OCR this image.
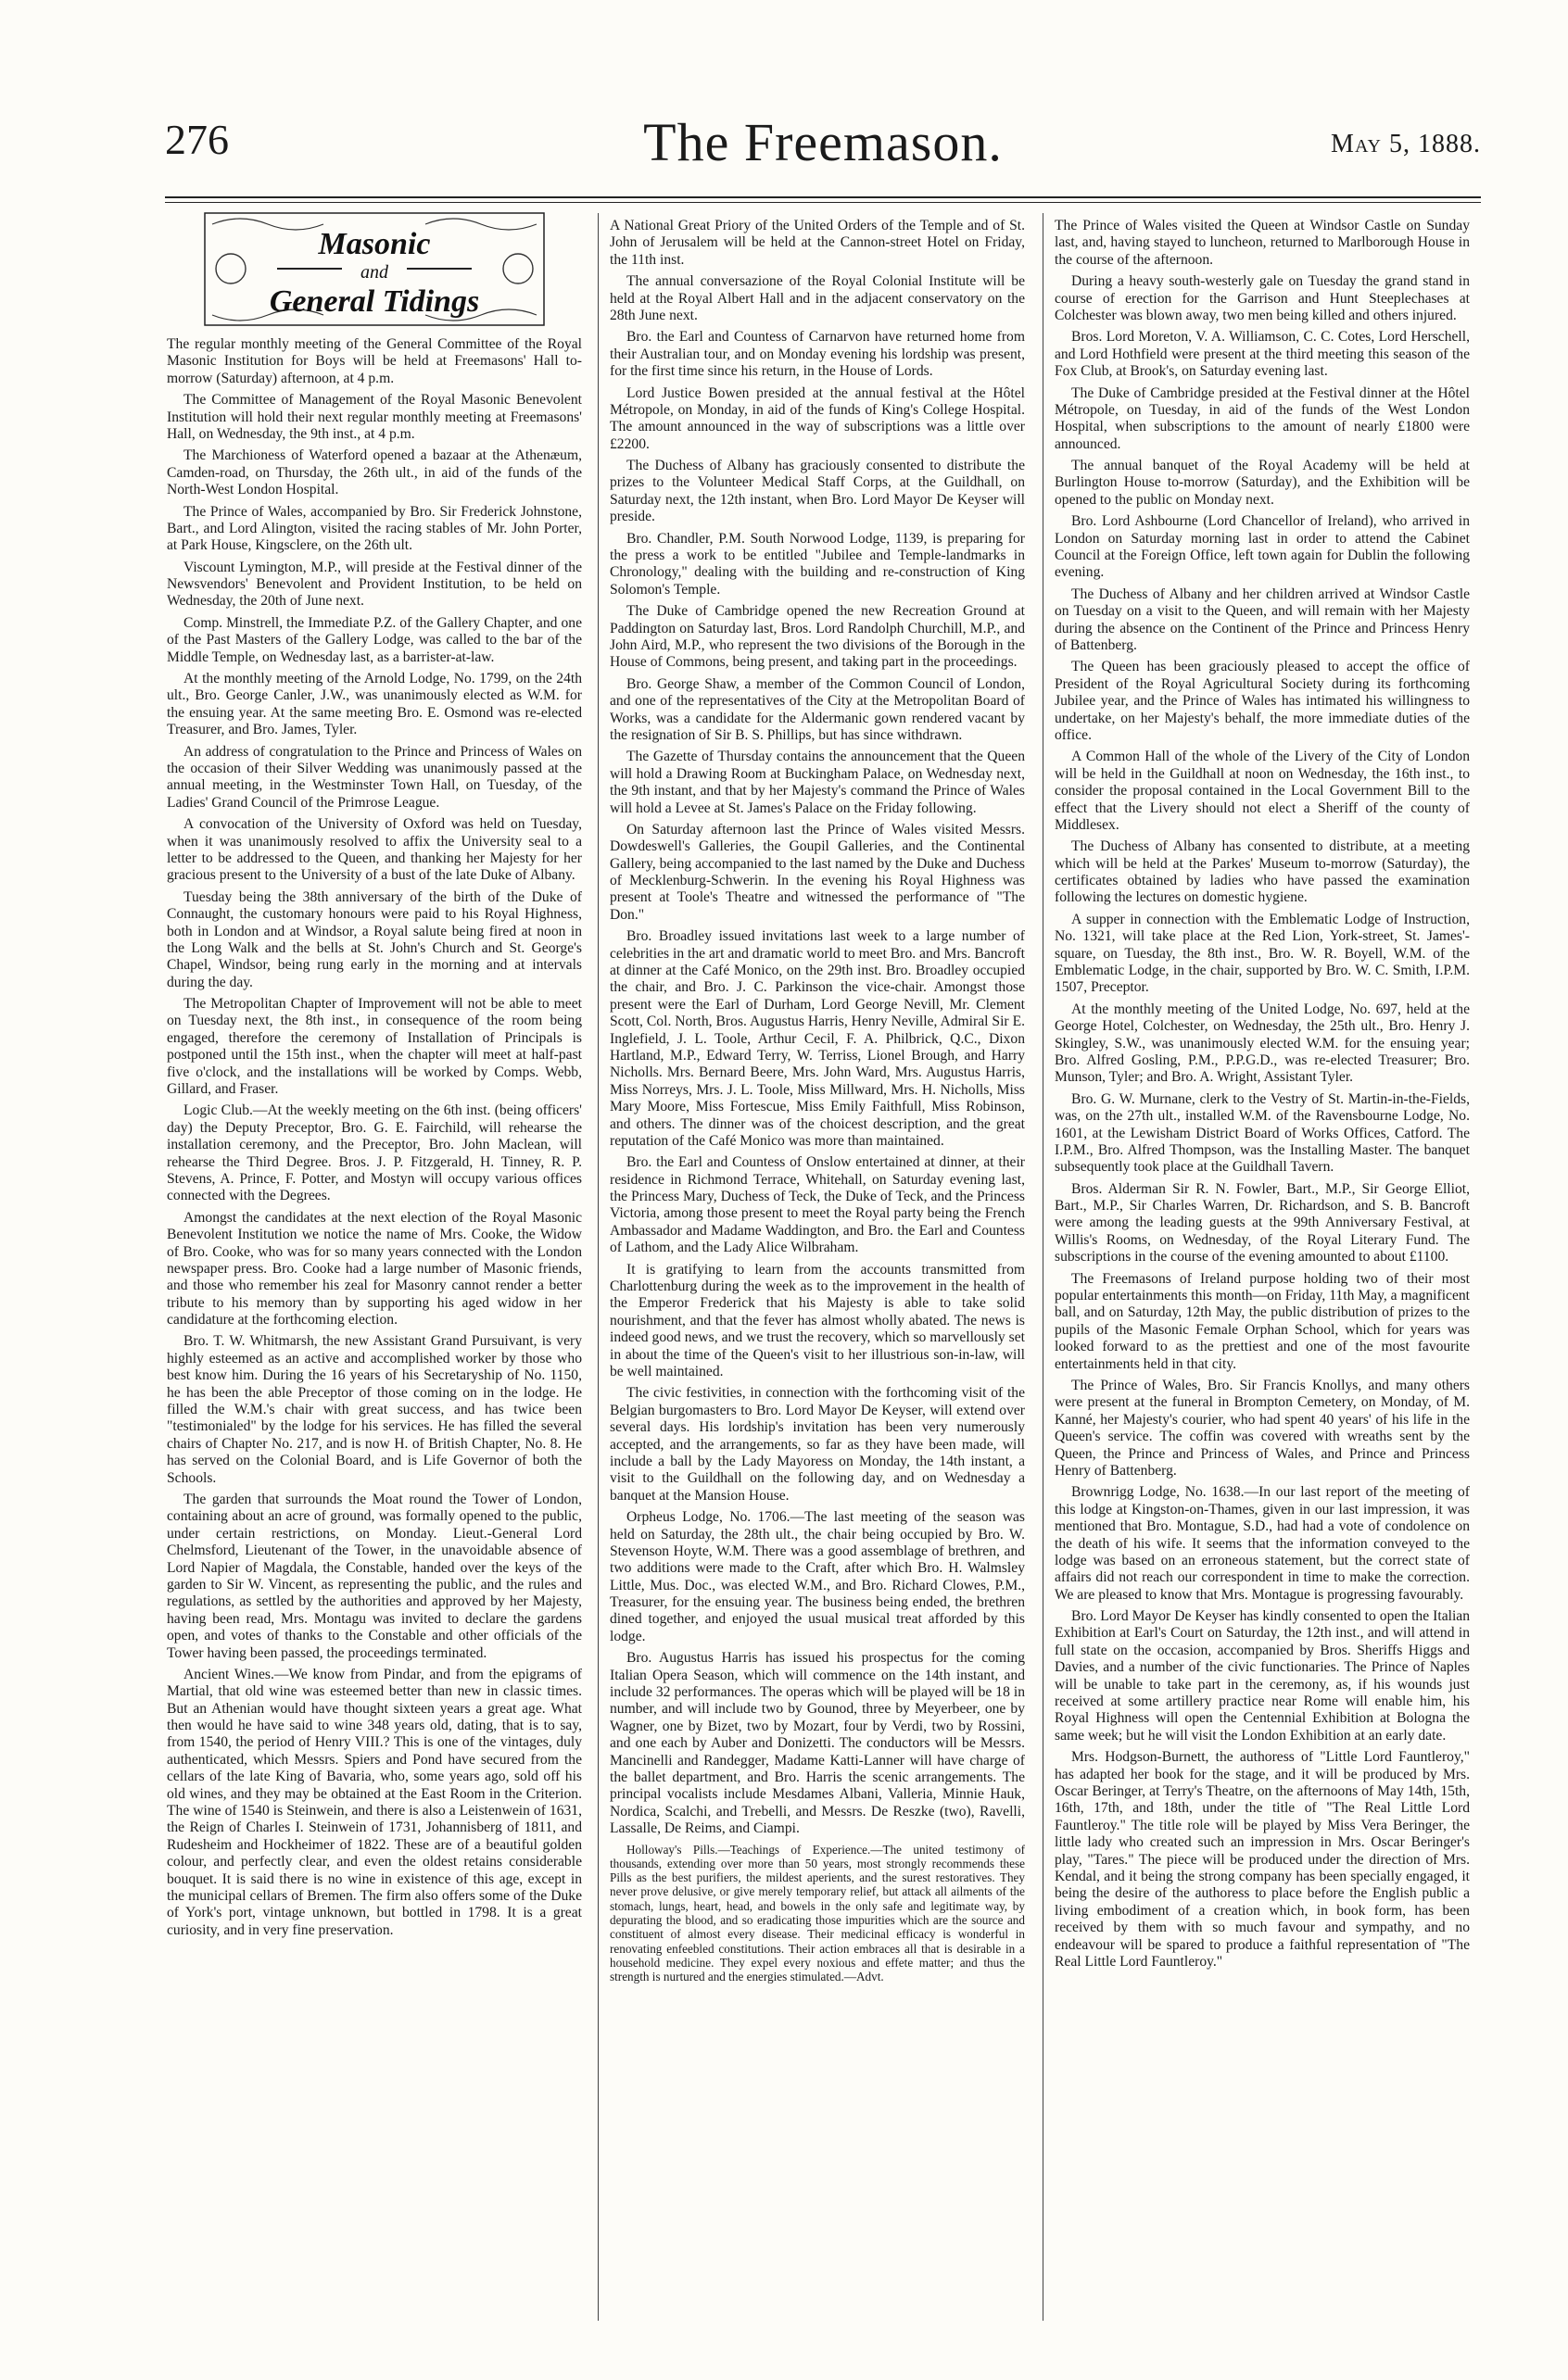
276	The Freemason.	May 5, 1888.
Masonic
and
General Tidings

The regular monthly meeting of the General Committee of the Royal Masonic Institution for Boys will be held at Freemasons' Hall to-morrow (Saturday) afternoon, at 4 p.m.

The Committee of Management of the Royal Masonic Benevolent Institution will hold their next regular monthly meeting at Freemasons' Hall, on Wednesday, the 9th inst., at 4 p.m.

The Marchioness of Waterford opened a bazaar at the Athenæum, Camden-road, on Thursday, the 26th ult., in aid of the funds of the North-West London Hospital.

The Prince of Wales, accompanied by Bro. Sir Frederick Johnstone, Bart., and Lord Alington, visited the racing stables of Mr. John Porter, at Park House, Kingsclere, on the 26th ult.

Viscount Lymington, M.P., will preside at the Festival dinner of the Newsvendors' Benevolent and Provident Institution, to be held on Wednesday, the 20th of June next.

Comp. Minstrell, the Immediate P.Z. of the Gallery Chapter, and one of the Past Masters of the Gallery Lodge, was called to the bar of the Middle Temple, on Wednesday last, as a barrister-at-law.

At the monthly meeting of the Arnold Lodge, No. 1799, on the 24th ult., Bro. George Canler, J.W., was unanimously elected as W.M. for the ensuing year. At the same meeting Bro. E. Osmond was re-elected Treasurer, and Bro. James, Tyler.

An address of congratulation to the Prince and Princess of Wales on the occasion of their Silver Wedding was unanimously passed at the annual meeting, in the Westminster Town Hall, on Tuesday, of the Ladies' Grand Council of the Primrose League.

A convocation of the University of Oxford was held on Tuesday, when it was unanimously resolved to affix the University seal to a letter to be addressed to the Queen, and thanking her Majesty for her gracious present to the University of a bust of the late Duke of Albany.

Tuesday being the 38th anniversary of the birth of the Duke of Connaught, the customary honours were paid to his Royal Highness, both in London and at Windsor, a Royal salute being fired at noon in the Long Walk and the bells at St. John's Church and St. George's Chapel, Windsor, being rung early in the morning and at intervals during the day.

The Metropolitan Chapter of Improvement will not be able to meet on Tuesday next, the 8th inst., in consequence of the room being engaged, therefore the ceremony of Installation of Principals is postponed until the 15th inst., when the chapter will meet at half-past five o'clock, and the installations will be worked by Comps. Webb, Gillard, and Fraser.

Logic Club.—At the weekly meeting on the 6th inst. (being officers' day) the Deputy Preceptor, Bro. G. E. Fairchild, will rehearse the installation ceremony, and the Preceptor, Bro. John Maclean, will rehearse the Third Degree. Bros. J. P. Fitzgerald, H. Tinney, R. P. Stevens, A. Prince, F. Potter, and Mostyn will occupy various offices connected with the Degrees.

Amongst the candidates at the next election of the Royal Masonic Benevolent Institution we notice the name of Mrs. Cooke, the Widow of Bro. Cooke, who was for so many years connected with the London newspaper press. Bro. Cooke had a large number of Masonic friends, and those who remember his zeal for Masonry cannot render a better tribute to his memory than by supporting his aged widow in her candidature at the forthcoming election.

Bro. T. W. Whitmarsh, the new Assistant Grand Pursuivant, is very highly esteemed as an active and accomplished worker by those who best know him. During the 16 years of his Secretaryship of No. 1150, he has been the able Preceptor of those coming on in the lodge. He filled the W.M.'s chair with great success, and has twice been "testimonialed" by the lodge for his services. He has filled the several chairs of Chapter No. 217, and is now H. of British Chapter, No. 8. He has served on the Colonial Board, and is Life Governor of both the Schools.

The garden that surrounds the Moat round the Tower of London, containing about an acre of ground, was formally opened to the public, under certain restrictions, on Monday. Lieut.-General Lord Chelmsford, Lieutenant of the Tower, in the unavoidable absence of Lord Napier of Magdala, the Constable, handed over the keys of the garden to Sir W. Vincent, as representing the public, and the rules and regulations, as settled by the authorities and approved by her Majesty, having been read, Mrs. Montagu was invited to declare the gardens open, and votes of thanks to the Constable and other officials of the Tower having been passed, the proceedings terminated.

Ancient Wines.—We know from Pindar, and from the epigrams of Martial, that old wine was esteemed better than new in classic times. But an Athenian would have thought sixteen years a great age. What then would he have said to wine 348 years old, dating, that is to say, from 1540, the period of Henry VIII.? This is one of the vintages, duly authenticated, which Messrs. Spiers and Pond have secured from the cellars of the late King of Bavaria, who, some years ago, sold off his old wines, and they may be obtained at the East Room in the Criterion. The wine of 1540 is Steinwein, and there is also a Leistenwein of 1631, the Reign of Charles I. Steinwein of 1731, Johannisberg of 1811, and Rudesheim and Hockheimer of 1822. These are of a beautiful golden colour, and perfectly clear, and even the oldest retains considerable bouquet. It is said there is no wine in existence of this age, except in the municipal cellars of Bremen. The firm also offers some of the Duke of York's port, vintage unknown, but bottled in 1798. It is a great curiosity, and in very fine preservation.

A National Great Priory of the United Orders of the Temple and of St. John of Jerusalem will be held at the Cannon-street Hotel on Friday, the 11th inst.

The annual conversazione of the Royal Colonial Institute will be held at the Royal Albert Hall and in the adjacent conservatory on the 28th June next.

Bro. the Earl and Countess of Carnarvon have returned home from their Australian tour, and on Monday evening his lordship was present, for the first time since his return, in the House of Lords.

Lord Justice Bowen presided at the annual festival at the Hôtel Métropole, on Monday, in aid of the funds of King's College Hospital. The amount announced in the way of subscriptions was a little over £2200.

The Duchess of Albany has graciously consented to distribute the prizes to the Volunteer Medical Staff Corps, at the Guildhall, on Saturday next, the 12th instant, when Bro. Lord Mayor De Keyser will preside.

Bro. Chandler, P.M. South Norwood Lodge, 1139, is preparing for the press a work to be entitled "Jubilee and Temple-landmarks in Chronology," dealing with the building and re-construction of King Solomon's Temple.

The Duke of Cambridge opened the new Recreation Ground at Paddington on Saturday last, Bros. Lord Randolph Churchill, M.P., and John Aird, M.P., who represent the two divisions of the Borough in the House of Commons, being present, and taking part in the proceedings.

Bro. George Shaw, a member of the Common Council of London, and one of the representatives of the City at the Metropolitan Board of Works, was a candidate for the Aldermanic gown rendered vacant by the resignation of Sir B. S. Phillips, but has since withdrawn.

The Gazette of Thursday contains the announcement that the Queen will hold a Drawing Room at Buckingham Palace, on Wednesday next, the 9th instant, and that by her Majesty's command the Prince of Wales will hold a Levee at St. James's Palace on the Friday following.

On Saturday afternoon last the Prince of Wales visited Messrs. Dowdeswell's Galleries, the Goupil Galleries, and the Continental Gallery, being accompanied to the last named by the Duke and Duchess of Mecklenburg-Schwerin. In the evening his Royal Highness was present at Toole's Theatre and witnessed the performance of "The Don."

Bro. Broadley issued invitations last week to a large number of celebrities in the art and dramatic world to meet Bro. and Mrs. Bancroft at dinner at the Café Monico, on the 29th inst. Bro. Broadley occupied the chair, and Bro. J. C. Parkinson the vice-chair. Amongst those present were the Earl of Durham, Lord George Nevill, Mr. Clement Scott, Col. North, Bros. Augustus Harris, Henry Neville, Admiral Sir E. Inglefield, J. L. Toole, Arthur Cecil, F. A. Philbrick, Q.C., Dixon Hartland, M.P., Edward Terry, W. Terriss, Lionel Brough, and Harry Nicholls. Mrs. Bernard Beere, Mrs. John Ward, Mrs. Augustus Harris, Miss Norreys, Mrs. J. L. Toole, Miss Millward, Mrs. H. Nicholls, Miss Mary Moore, Miss Fortescue, Miss Emily Faithfull, Miss Robinson, and others. The dinner was of the choicest description, and the great reputation of the Café Monico was more than maintained.

Bro. the Earl and Countess of Onslow entertained at dinner, at their residence in Richmond Terrace, Whitehall, on Saturday evening last, the Princess Mary, Duchess of Teck, the Duke of Teck, and the Princess Victoria, among those present to meet the Royal party being the French Ambassador and Madame Waddington, and Bro. the Earl and Countess of Lathom, and the Lady Alice Wilbraham.

It is gratifying to learn from the accounts transmitted from Charlottenburg during the week as to the improvement in the health of the Emperor Frederick that his Majesty is able to take solid nourishment, and that the fever has almost wholly abated. The news is indeed good news, and we trust the recovery, which so marvellously set in about the time of the Queen's visit to her illustrious son-in-law, will be well maintained.

The civic festivities, in connection with the forthcoming visit of the Belgian burgomasters to Bro. Lord Mayor De Keyser, will extend over several days. His lordship's invitation has been very numerously accepted, and the arrangements, so far as they have been made, will include a ball by the Lady Mayoress on Monday, the 14th instant, a visit to the Guildhall on the following day, and on Wednesday a banquet at the Mansion House.

Orpheus Lodge, No. 1706.—The last meeting of the season was held on Saturday, the 28th ult., the chair being occupied by Bro. W. Stevenson Hoyte, W.M. There was a good assemblage of brethren, and two additions were made to the Craft, after which Bro. H. Walmsley Little, Mus. Doc., was elected W.M., and Bro. Richard Clowes, P.M., Treasurer, for the ensuing year. The business being ended, the brethren dined together, and enjoyed the usual musical treat afforded by this lodge.

Bro. Augustus Harris has issued his prospectus for the coming Italian Opera Season, which will commence on the 14th instant, and include 32 performances. The operas which will be played will be 18 in number, and will include two by Gounod, three by Meyerbeer, one by Wagner, one by Bizet, two by Mozart, four by Verdi, two by Rossini, and one each by Auber and Donizetti. The conductors will be Messrs. Mancinelli and Randegger, Madame Katti-Lanner will have charge of the ballet department, and Bro. Harris the scenic arrangements. The principal vocalists include Mesdames Albani, Valleria, Minnie Hauk, Nordica, Scalchi, and Trebelli, and Messrs. De Reszke (two), Ravelli, Lassalle, De Reims, and Ciampi.

Holloway's Pills.—Teachings of Experience.—The united testimony of thousands, extending over more than 50 years, most strongly recommends these Pills as the best purifiers, the mildest aperients, and the surest restoratives. They never prove delusive, or give merely temporary relief, but attack all ailments of the stomach, lungs, heart, head, and bowels in the only safe and legitimate way, by depurating the blood, and so eradicating those impurities which are the source and constituent of almost every disease. Their medicinal efficacy is wonderful in renovating enfeebled constitutions. Their action embraces all that is desirable in a household medicine. They expel every noxious and effete matter; and thus the strength is nurtured and the energies stimulated.—Advt.

The Prince of Wales visited the Queen at Windsor Castle on Sunday last, and, having stayed to luncheon, returned to Marlborough House in the course of the afternoon.

During a heavy south-westerly gale on Tuesday the grand stand in course of erection for the Garrison and Hunt Steeplechases at Colchester was blown away, two men being killed and others injured.

Bros. Lord Moreton, V. A. Williamson, C. C. Cotes, Lord Herschell, and Lord Hothfield were present at the third meeting this season of the Fox Club, at Brook's, on Saturday evening last.

The Duke of Cambridge presided at the Festival dinner at the Hôtel Métropole, on Tuesday, in aid of the funds of the West London Hospital, when subscriptions to the amount of nearly £1800 were announced.

The annual banquet of the Royal Academy will be held at Burlington House to-morrow (Saturday), and the Exhibition will be opened to the public on Monday next.

Bro. Lord Ashbourne (Lord Chancellor of Ireland), who arrived in London on Saturday morning last in order to attend the Cabinet Council at the Foreign Office, left town again for Dublin the following evening.

The Duchess of Albany and her children arrived at Windsor Castle on Tuesday on a visit to the Queen, and will remain with her Majesty during the absence on the Continent of the Prince and Princess Henry of Battenberg.

The Queen has been graciously pleased to accept the office of President of the Royal Agricultural Society during its forthcoming Jubilee year, and the Prince of Wales has intimated his willingness to undertake, on her Majesty's behalf, the more immediate duties of the office.

A Common Hall of the whole of the Livery of the City of London will be held in the Guildhall at noon on Wednesday, the 16th inst., to consider the proposal contained in the Local Government Bill to the effect that the Livery should not elect a Sheriff of the county of Middlesex.

The Duchess of Albany has consented to distribute, at a meeting which will be held at the Parkes' Museum to-morrow (Saturday), the certificates obtained by ladies who have passed the examination following the lectures on domestic hygiene.

A supper in connection with the Emblematic Lodge of Instruction, No. 1321, will take place at the Red Lion, York-street, St. James'-square, on Tuesday, the 8th inst., Bro. W. R. Boyell, W.M. of the Emblematic Lodge, in the chair, supported by Bro. W. C. Smith, I.P.M. 1507, Preceptor.

At the monthly meeting of the United Lodge, No. 697, held at the George Hotel, Colchester, on Wednesday, the 25th ult., Bro. Henry J. Skingley, S.W., was unanimously elected W.M. for the ensuing year; Bro. Alfred Gosling, P.M., P.P.G.D., was re-elected Treasurer; Bro. Munson, Tyler; and Bro. A. Wright, Assistant Tyler.

Bro. G. W. Murnane, clerk to the Vestry of St. Martin-in-the-Fields, was, on the 27th ult., installed W.M. of the Ravensbourne Lodge, No. 1601, at the Lewisham District Board of Works Offices, Catford. The I.P.M., Bro. Alfred Thompson, was the Installing Master. The banquet subsequently took place at the Guildhall Tavern.

Bros. Alderman Sir R. N. Fowler, Bart., M.P., Sir George Elliot, Bart., M.P., Sir Charles Warren, Dr. Richardson, and S. B. Bancroft were among the leading guests at the 99th Anniversary Festival, at Willis's Rooms, on Wednesday, of the Royal Literary Fund. The subscriptions in the course of the evening amounted to about £1100.

The Freemasons of Ireland purpose holding two of their most popular entertainments this month—on Friday, 11th May, a magnificent ball, and on Saturday, 12th May, the public distribution of prizes to the pupils of the Masonic Female Orphan School, which for years was looked forward to as the prettiest and one of the most favourite entertainments held in that city.

The Prince of Wales, Bro. Sir Francis Knollys, and many others were present at the funeral in Brompton Cemetery, on Monday, of M. Kanné, her Majesty's courier, who had spent 40 years' of his life in the Queen's service. The coffin was covered with wreaths sent by the Queen, the Prince and Princess of Wales, and Prince and Princess Henry of Battenberg.

Brownrigg Lodge, No. 1638.—In our last report of the meeting of this lodge at Kingston-on-Thames, given in our last impression, it was mentioned that Bro. Montague, S.D., had had a vote of condolence on the death of his wife. It seems that the information conveyed to the lodge was based on an erroneous statement, but the correct state of affairs did not reach our correspondent in time to make the correction. We are pleased to know that Mrs. Montague is progressing favourably.

Bro. Lord Mayor De Keyser has kindly consented to open the Italian Exhibition at Earl's Court on Saturday, the 12th inst., and will attend in full state on the occasion, accompanied by Bros. Sheriffs Higgs and Davies, and a number of the civic functionaries. The Prince of Naples will be unable to take part in the ceremony, as, if his wounds just received at some artillery practice near Rome will enable him, his Royal Highness will open the Centennial Exhibition at Bologna the same week; but he will visit the London Exhibition at an early date.

Mrs. Hodgson-Burnett, the authoress of "Little Lord Fauntleroy," has adapted her book for the stage, and it will be produced by Mrs. Oscar Beringer, at Terry's Theatre, on the afternoons of May 14th, 15th, 16th, 17th, and 18th, under the title of "The Real Little Lord Fauntleroy." The title role will be played by Miss Vera Beringer, the little lady who created such an impression in Mrs. Oscar Beringer's play, "Tares." The piece will be produced under the direction of Mrs. Kendal, and it being the strong company has been specially engaged, it being the desire of the authoress to place before the English public a living embodiment of a creation which, in book form, has been received by them with so much favour and sympathy, and no endeavour will be spared to produce a faithful representation of "The Real Little Lord Fauntleroy."
